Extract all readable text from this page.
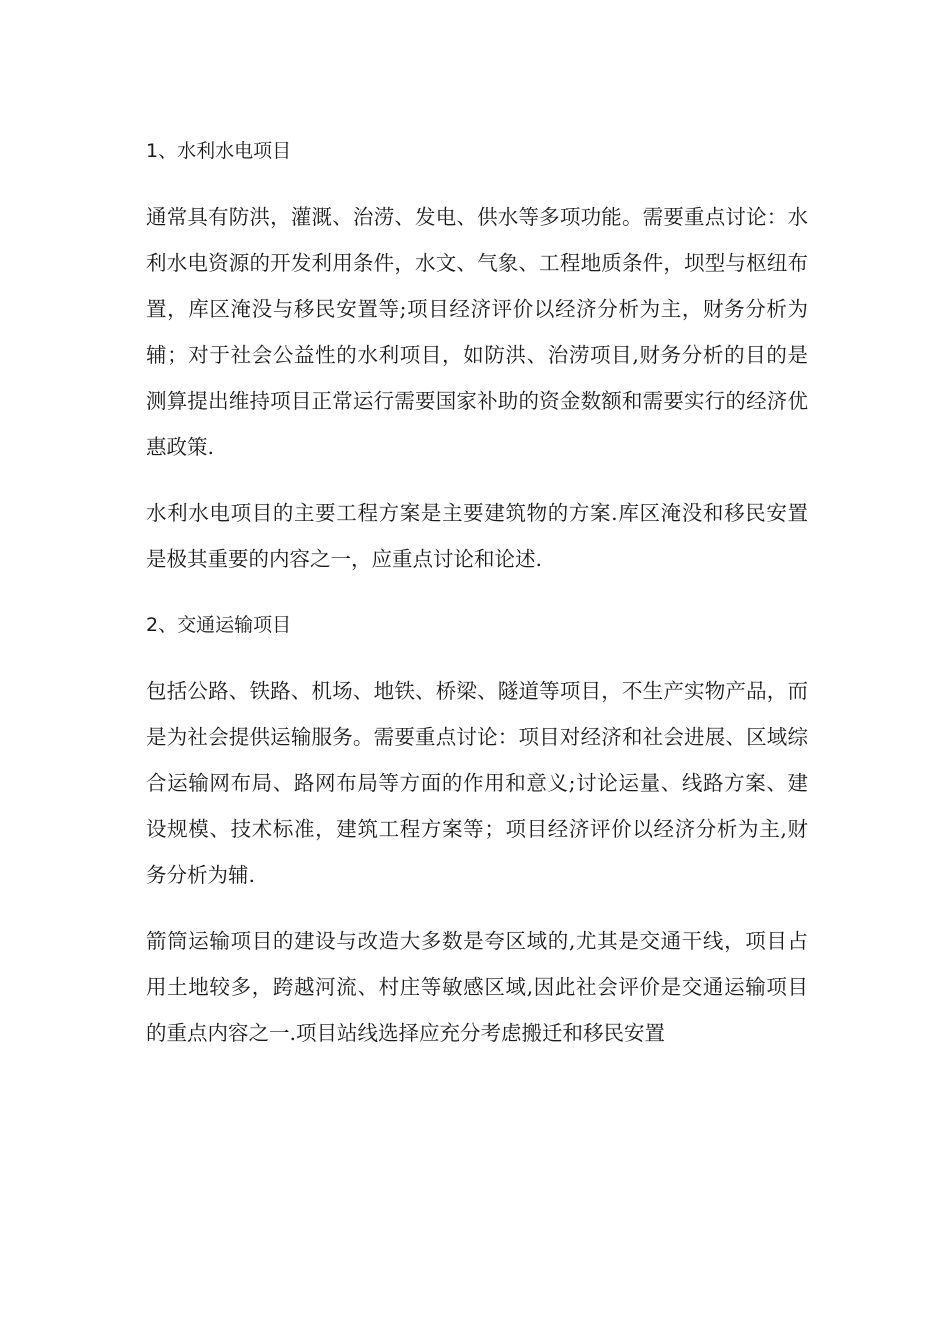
1、水利水电项目

通常具有防洪，灌溉、治涝、发电、供水等多项功能。需要重点讨论：水利水电资源的开发利用条件，水文、气象、工程地质条件，坝型与枢纽布置，库区淹没与移民安置等;项目经济评价以经济分析为主，财务分析为辅；对于社会公益性的水利项目，如防洪、治涝项目,财务分析的目的是测算提出维持项目正常运行需要国家补助的资金数额和需要实行的经济优惠政策.

水利水电项目的主要工程方案是主要建筑物的方案.库区淹没和移民安置是极其重要的内容之一，应重点讨论和论述.

2、交通运输项目

包括公路、铁路、机场、地铁、桥梁、隧道等项目，不生产实物产品，而是为社会提供运输服务。需要重点讨论：项目对经济和社会进展、区域综合运输网布局、路网布局等方面的作用和意义;讨论运量、线路方案、建设规模、技术标准，建筑工程方案等；项目经济评价以经济分析为主,财务分析为辅.

箭筒运输项目的建设与改造大多数是夸区域的,尤其是交通干线，项目占用土地较多，跨越河流、村庄等敏感区域,因此社会评价是交通运输项目的重点内容之一.项目站线选择应充分考虑搬迁和移民安置
